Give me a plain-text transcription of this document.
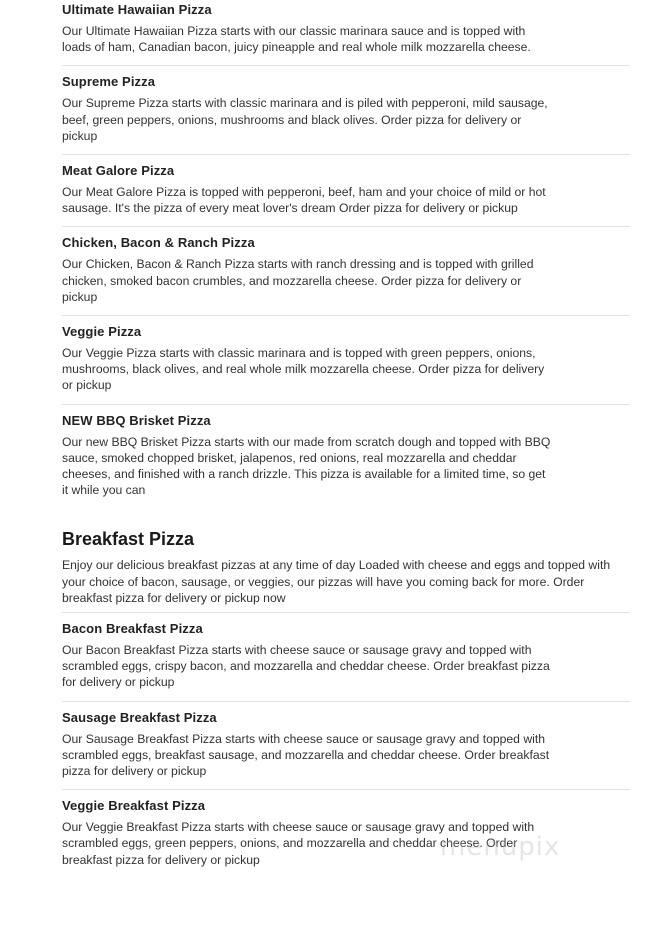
Ultimate Hawaiian Pizza

Our Ultimate Hawaiian Pizza starts with our classic marinara sauce and is topped with loads of ham, Canadian bacon, juicy pineapple and real whole milk mozzarella cheese.

Supreme Pizza

Our Supreme Pizza starts with classic marinara and is piled with pepperoni, mild sausage, beef, green peppers, onions, mushrooms and black olives. Order pizza for delivery or pickup

Meat Galore Pizza

Our Meat Galore Pizza is topped with pepperoni, beef, ham and your choice of mild or hot sausage. It's the pizza of every meat lover's dream Order pizza for delivery or pickup

Chicken, Bacon & Ranch Pizza

Our Chicken, Bacon & Ranch Pizza starts with ranch dressing and is topped with grilled chicken, smoked bacon crumbles, and mozzarella cheese. Order pizza for delivery or pickup

Veggie Pizza

Our Veggie Pizza starts with classic marinara and is topped with green peppers, onions, mushrooms, black olives, and real whole milk mozzarella cheese. Order pizza for delivery or pickup

NEW BBQ Brisket Pizza

Our new BBQ Brisket Pizza starts with our made from scratch dough and topped with BBQ sauce, smoked chopped brisket, jalapenos, red onions, real mozzarella and cheddar cheeses, and finished with a ranch drizzle. This pizza is available for a limited time, so get it while you can

Breakfast Pizza

Enjoy our delicious breakfast pizzas at any time of day Loaded with cheese and eggs and topped with your choice of bacon, sausage, or veggies, our pizzas will have you coming back for more. Order breakfast pizza for delivery or pickup now

Bacon Breakfast Pizza

Our Bacon Breakfast Pizza starts with cheese sauce or sausage gravy and topped with scrambled eggs, crispy bacon, and mozzarella and cheddar cheese. Order breakfast pizza for delivery or pickup

Sausage Breakfast Pizza

Our Sausage Breakfast Pizza starts with cheese sauce or sausage gravy and topped with scrambled eggs, breakfast sausage, and mozzarella and cheddar cheese. Order breakfast pizza for delivery or pickup

Veggie Breakfast Pizza

Our Veggie Breakfast Pizza starts with cheese sauce or sausage gravy and topped with scrambled eggs, green peppers, onions, and mozzarella and cheddar cheese. Order breakfast pizza for delivery or pickup	menupix
